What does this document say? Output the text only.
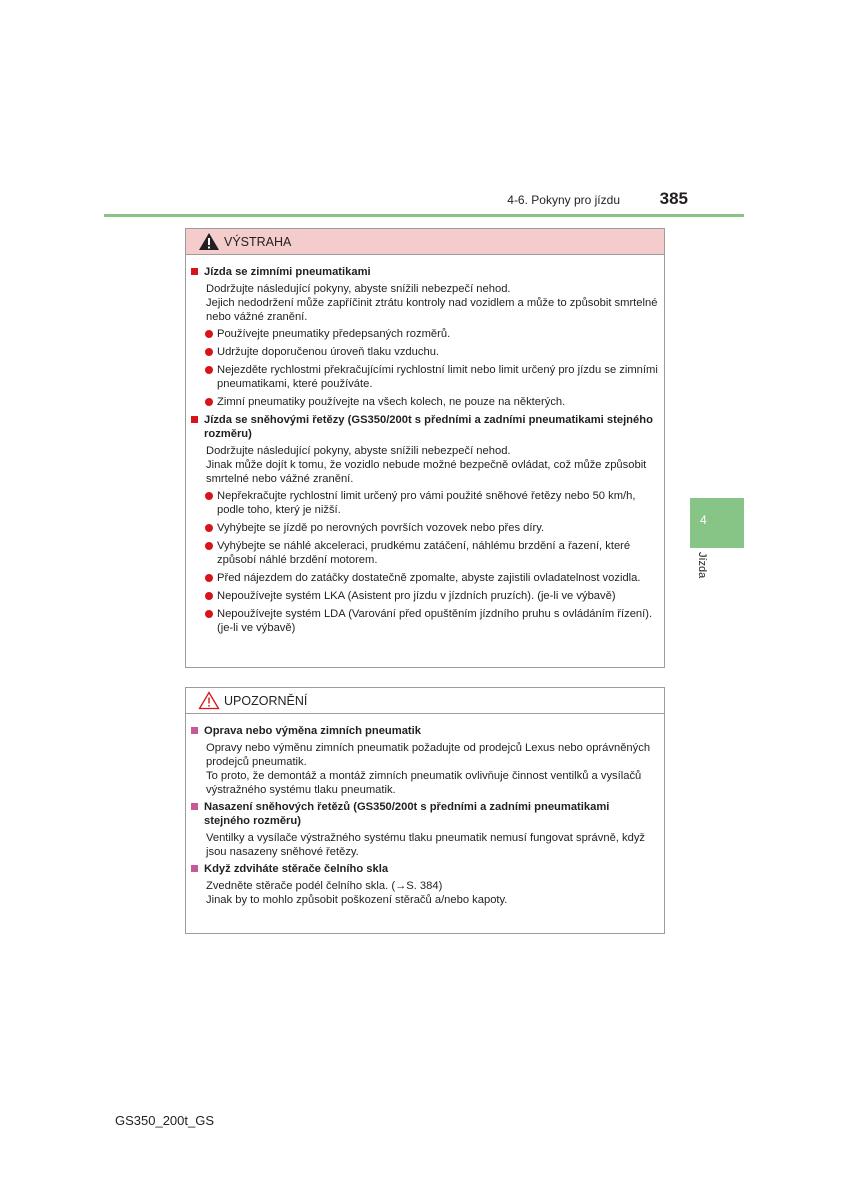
4-6. Pokyny pro jízdu	385
4
Jízda
VÝSTRAHA
Jízda se zimními pneumatikami

Dodržujte následující pokyny, abyste snížili nebezpečí nehod.

Jejich nedodržení může zapříčinit ztrátu kontroly nad vozidlem a může to způsobit smrtelné nebo vážné zranění.

Používejte pneumatiky předepsaných rozměrů.
Udržujte doporučenou úroveň tlaku vzduchu.
Nejezděte rychlostmi překračujícími rychlostní limit nebo limit určený pro jízdu se zimními pneumatikami, které používáte.
Zimní pneumatiky používejte na všech kolech, ne pouze na některých.
Jízda se sněhovými řetězy (GS350/200t s předními a zadními pneumatikami stejného rozměru)

Dodržujte následující pokyny, abyste snížili nebezpečí nehod.

Jinak může dojít k tomu, že vozidlo nebude možné bezpečně ovládat, což může způsobit smrtelné nebo vážné zranění.

Nepřekračujte rychlostní limit určený pro vámi použité sněhové řetězy nebo 50 km/h, podle toho, který je nižší.
Vyhýbejte se jízdě po nerovných površích vozovek nebo přes díry.
Vyhýbejte se náhlé akceleraci, prudkému zatáčení, náhlému brzdění a řazení, které způsobí náhlé brzdění motorem.
Před nájezdem do zatáčky dostatečně zpomalte, abyste zajistili ovladatelnost vozidla.
Nepoužívejte systém LKA (Asistent pro jízdu v jízdních pruzích). (je-li ve výbavě)
Nepoužívejte systém LDA (Varování před opuštěním jízdního pruhu s ovládáním řízení). (je-li ve výbavě)
UPOZORNĚNÍ
Oprava nebo výměna zimních pneumatik

Opravy nebo výměnu zimních pneumatik požadujte od prodejců Lexus nebo oprávněných prodejců pneumatik.

To proto, že demontáž a montáž zimních pneumatik ovlivňuje činnost ventilků a vysílačů výstražného systému tlaku pneumatik.

Nasazení sněhových řetězů (GS350/200t s předními a zadními pneumatikami stejného rozměru)

Ventilky a vysílače výstražného systému tlaku pneumatik nemusí fungovat správně, když jsou nasazeny sněhové řetězy.

Když zdviháte stěrače čelního skla

Zvedněte stěrače podél čelního skla. (→S. 384)

Jinak by to mohlo způsobit poškození stěračů a/nebo kapoty.

GS350_200t_GS
